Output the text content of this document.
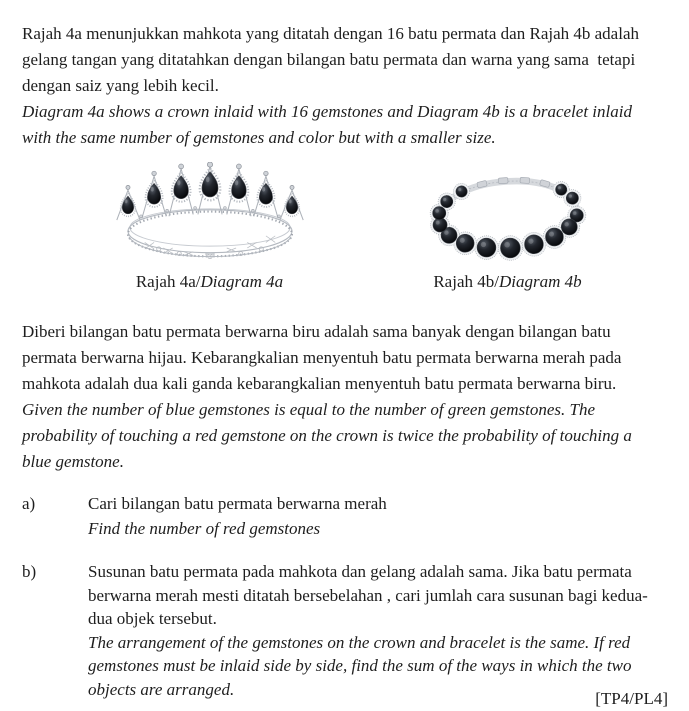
Rajah 4a menunjukkan mahkota yang ditatah dengan 16 batu permata dan Rajah 4b adalah
gelang tangan yang ditatahkan dengan bilangan batu permata dan warna yang sama  tetapi
dengan saiz yang lebih kecil.
Diagram 4a shows a crown inlaid with 16 gemstones and Diagram 4b is a bracelet inlaid
with the same number of gemstones and color but with a smaller size.
Rajah 4a/Diagram 4a	Rajah 4b/Diagram 4b
Diberi bilangan batu permata berwarna biru adalah sama banyak dengan bilangan batu
permata berwarna hijau. Kebarangkalian menyentuh batu permata berwarna merah pada
mahkota adalah dua kali ganda kebarangkalian menyentuh batu permata berwarna biru.
Given the number of blue gemstones is equal to the number of green gemstones. The
probability of touching a red gemstone on the crown is twice the probability of touching a
blue gemstone.
a)	Cari bilangan batu permata berwarna merah
Find the number of red gemstones
b)	Susunan batu permata pada mahkota dan gelang adalah sama. Jika batu permata
berwarna merah mesti ditatah bersebelahan , cari jumlah cara susunan bagi kedua-
dua objek tersebut.
The arrangement of the gemstones on the crown and bracelet is the same. If red
gemstones must be inlaid side by side, find the sum of the ways in which the two
objects are arranged.	[TP4/PL4]
